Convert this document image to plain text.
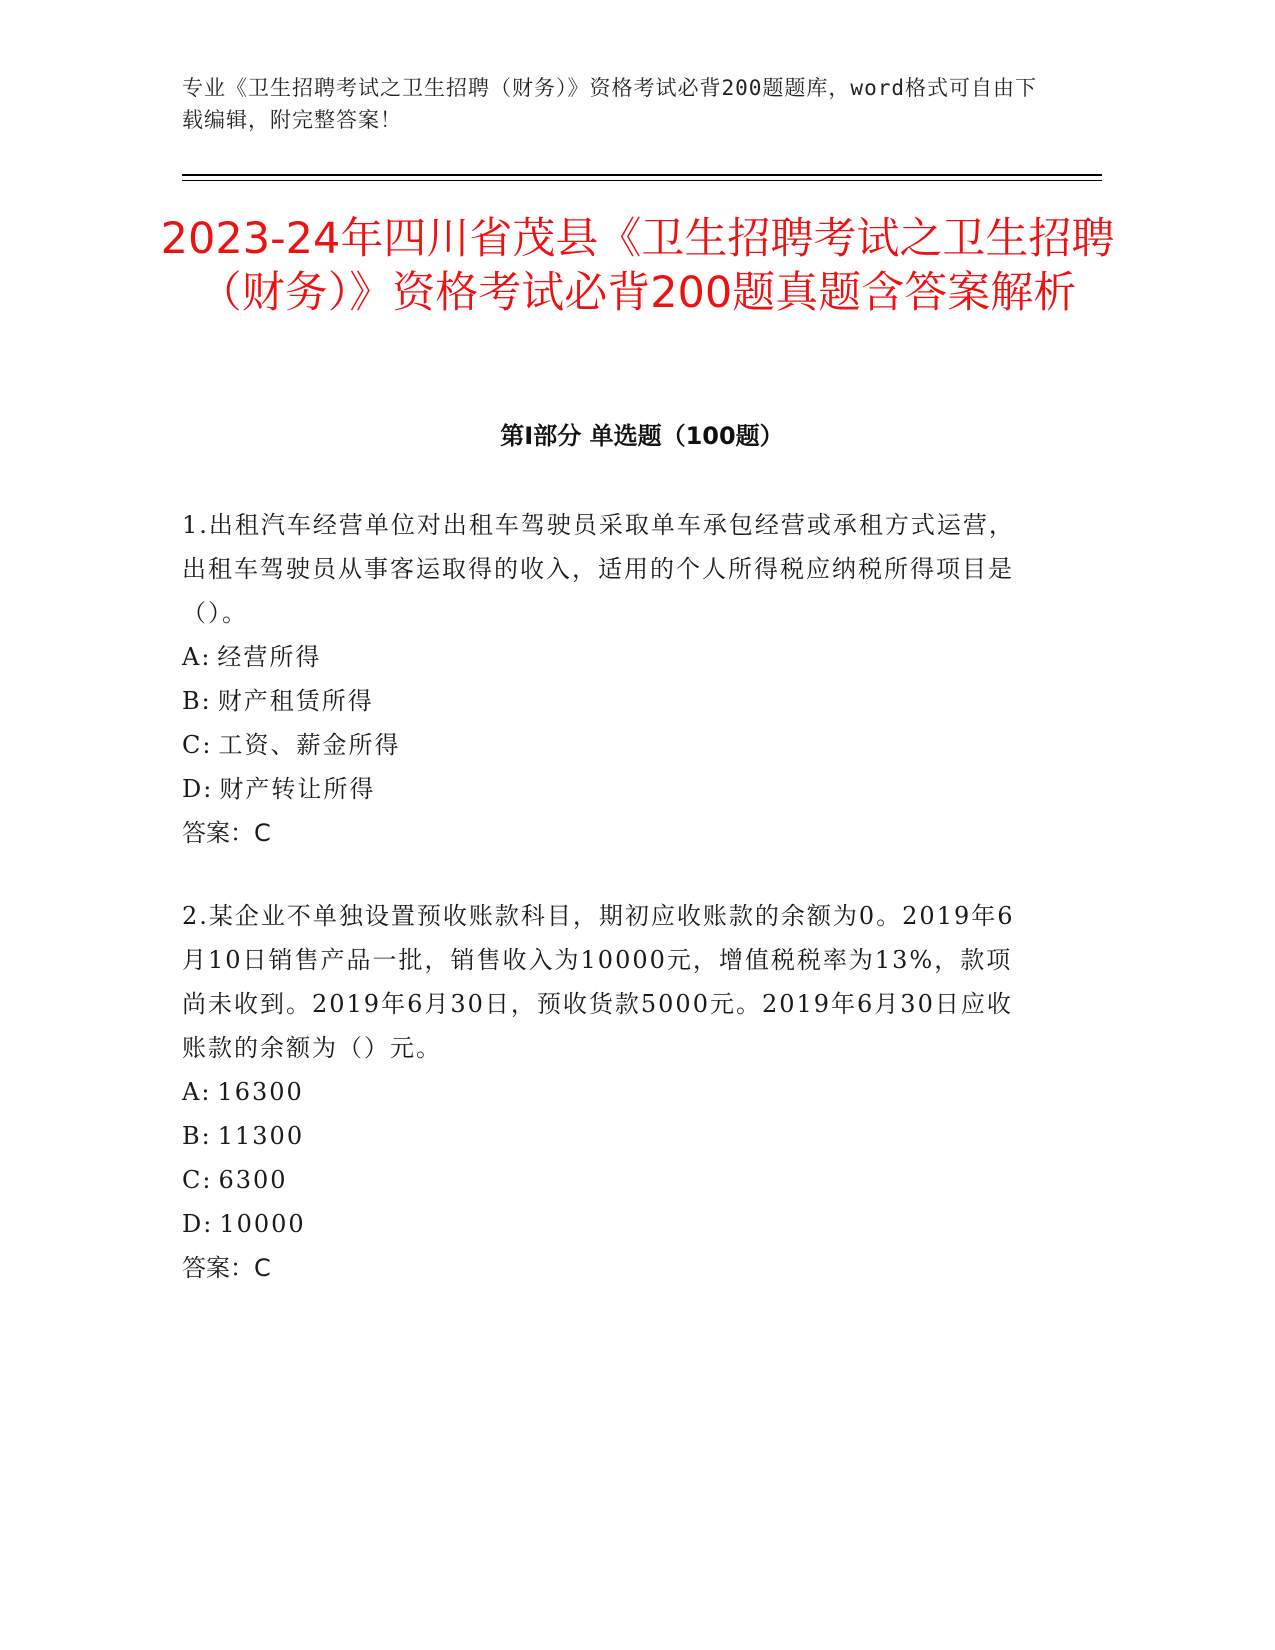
专业《卫生招聘考试之卫生招聘（财务）》资格考试必背200题题库，word格式可自由下载编辑，附完整答案！
2023-24年四川省茂县《卫生招聘考试之卫生招聘（财务）》资格考试必背200题真题含答案解析
第I部分 单选题（100题）

1.出租汽车经营单位对出租车驾驶员采取单车承包经营或承租方式运营，出租车驾驶员从事客运取得的收入，适用的个人所得税应纳税所得项目是（）。

A: 经营所得

B: 财产租赁所得

C: 工资、薪金所得

D: 财产转让所得

答案：C

2.某企业不单独设置预收账款科目，期初应收账款的余额为0。2019年6月10日销售产品一批，销售收入为10000元，增值税税率为13%，款项尚未收到。2019年6月30日，预收货款5000元。2019年6月30日应收账款的余额为（）元。

A: 16300

B: 11300

C: 6300

D: 10000

答案：C
